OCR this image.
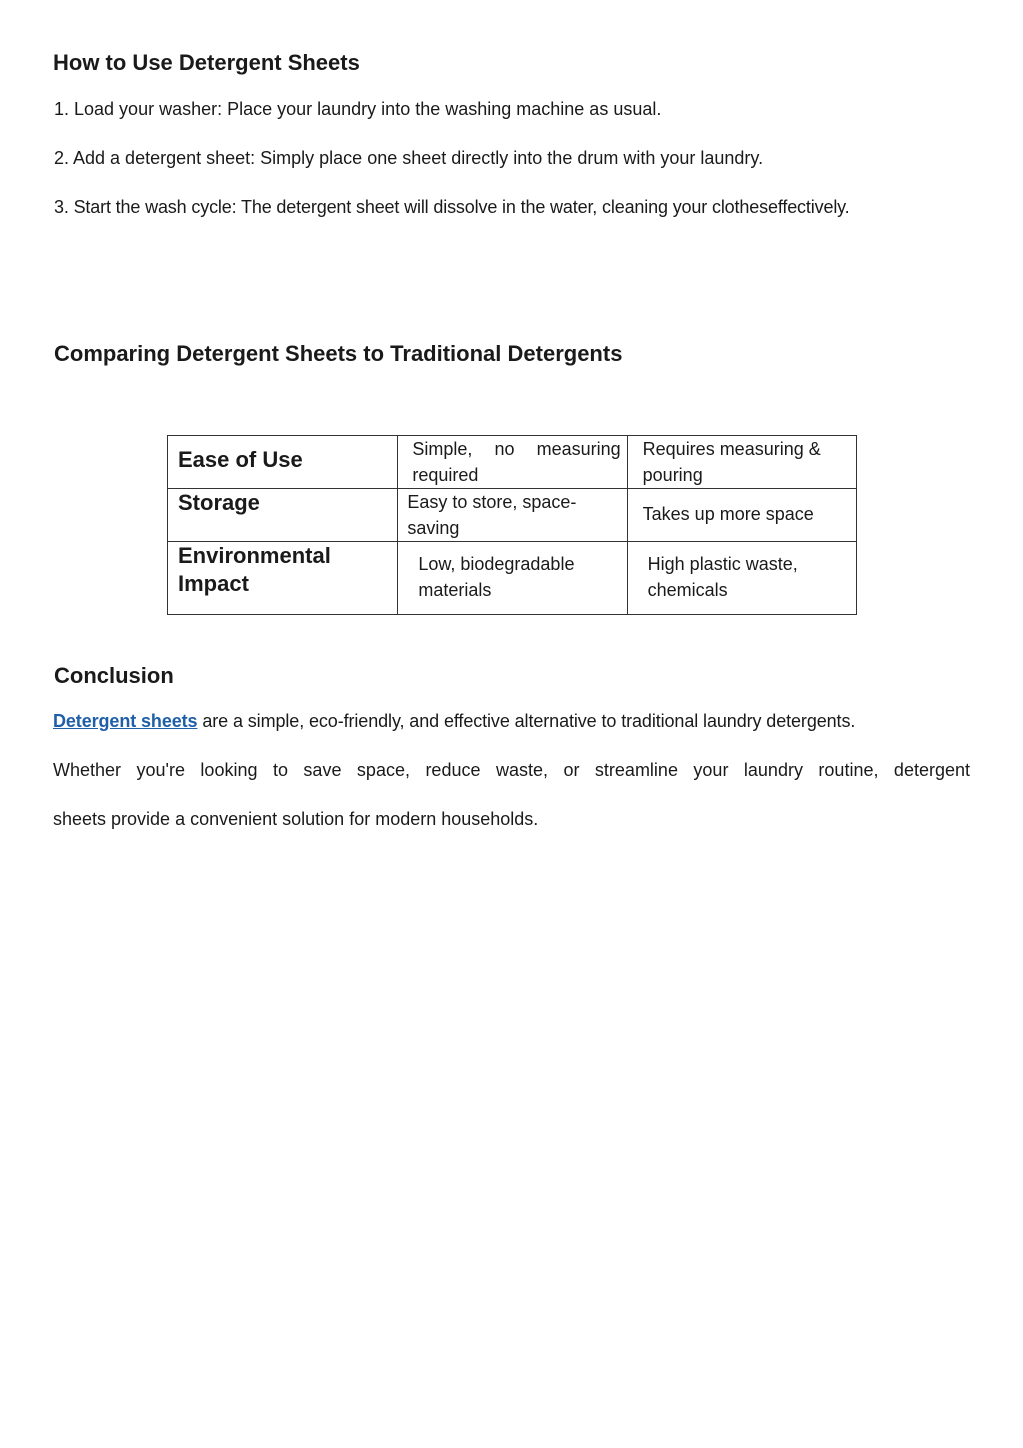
How to Use Detergent Sheets

1. Load your washer: Place your laundry into the washing machine as usual.

2. Add a detergent sheet: Simply place one sheet directly into the drum with your laundry.

3. Start the wash cycle: The detergent sheet will dissolve in the water, cleaning your clotheseffectively.

Comparing Detergent Sheets to Traditional Detergents
Ease of Use	Simple, no measuring required	Requires measuring & pouring

Storage	Easy to store, space-saving	Takes up more space

Environmental Impact	Low, biodegradable materials	High plastic waste, chemicals
Conclusion

Detergent sheets are a simple, eco-friendly, and effective alternative to traditional laundry detergents.

Whether you're looking to save space, reduce waste, or streamline your laundry routine, detergent

sheets provide a convenient solution for modern households.
